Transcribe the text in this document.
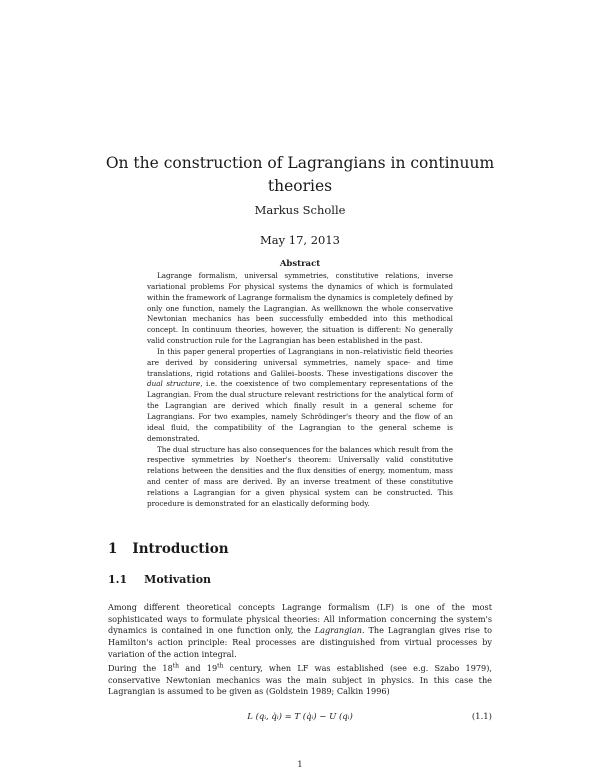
On the construction of Lagrangians in continuum theories
Markus Scholle
May 17, 2013
Abstract

Lagrange formalism, universal symmetries, constitutive relations, inverse variational problems For physical systems the dynamics of which is formulated within the framework of Lagrange formalism the dynamics is completely defined by only one function, namely the Lagrangian. As wellknown the whole conservative Newtonian mechanics has been successfully embedded into this methodical concept. In continuum theories, however, the situation is different: No generally valid construction rule for the Lagrangian has been established in the past.

In this paper general properties of Lagrangians in non–relativistic field theories are derived by considering universal symmetries, namely space- and time translations, rigid rotations and Galilei–boosts. These investigations discover the dual structure, i.e. the coexistence of two complementary representations of the Lagrangian. From the dual structure relevant restrictions for the analytical form of the Lagrangian are derived which finally result in a general scheme for Lagrangians. For two examples, namely Schrödinger's theory and the flow of an ideal fluid, the compatibility of the Lagrangian to the general scheme is demonstrated.

The dual structure has also consequences for the balances which result from the respective symmetries by Noether's theorem: Universally valid constitutive relations between the densities and the flux densities of energy, momentum, mass and center of mass are derived. By an inverse treatment of these constitutive relations a Lagrangian for a given physical system can be constructed. This procedure is demonstrated for an elastically deforming body.

1 Introduction
1.1 Motivation

Among different theoretical concepts Lagrange formalism (LF) is one of the most sophisticated ways to formulate physical theories: All information concerning the system's dynamics is contained in one function only, the Lagrangian. The Lagrangian gives rise to Hamilton's action principle: Real processes are distinguished from virtual processes by variation of the action integral.

During the 18th and 19th century, when LF was established (see e.g. Szabo 1979), conservative Newtonian mechanics was the main subject in physics. In this case the Lagrangian is assumed to be given as (Goldstein 1989; Calkin 1996)

L (qᵢ, q̇ᵢ) = T (q̇ᵢ) − U (qᵢ)	(1.1)
1
